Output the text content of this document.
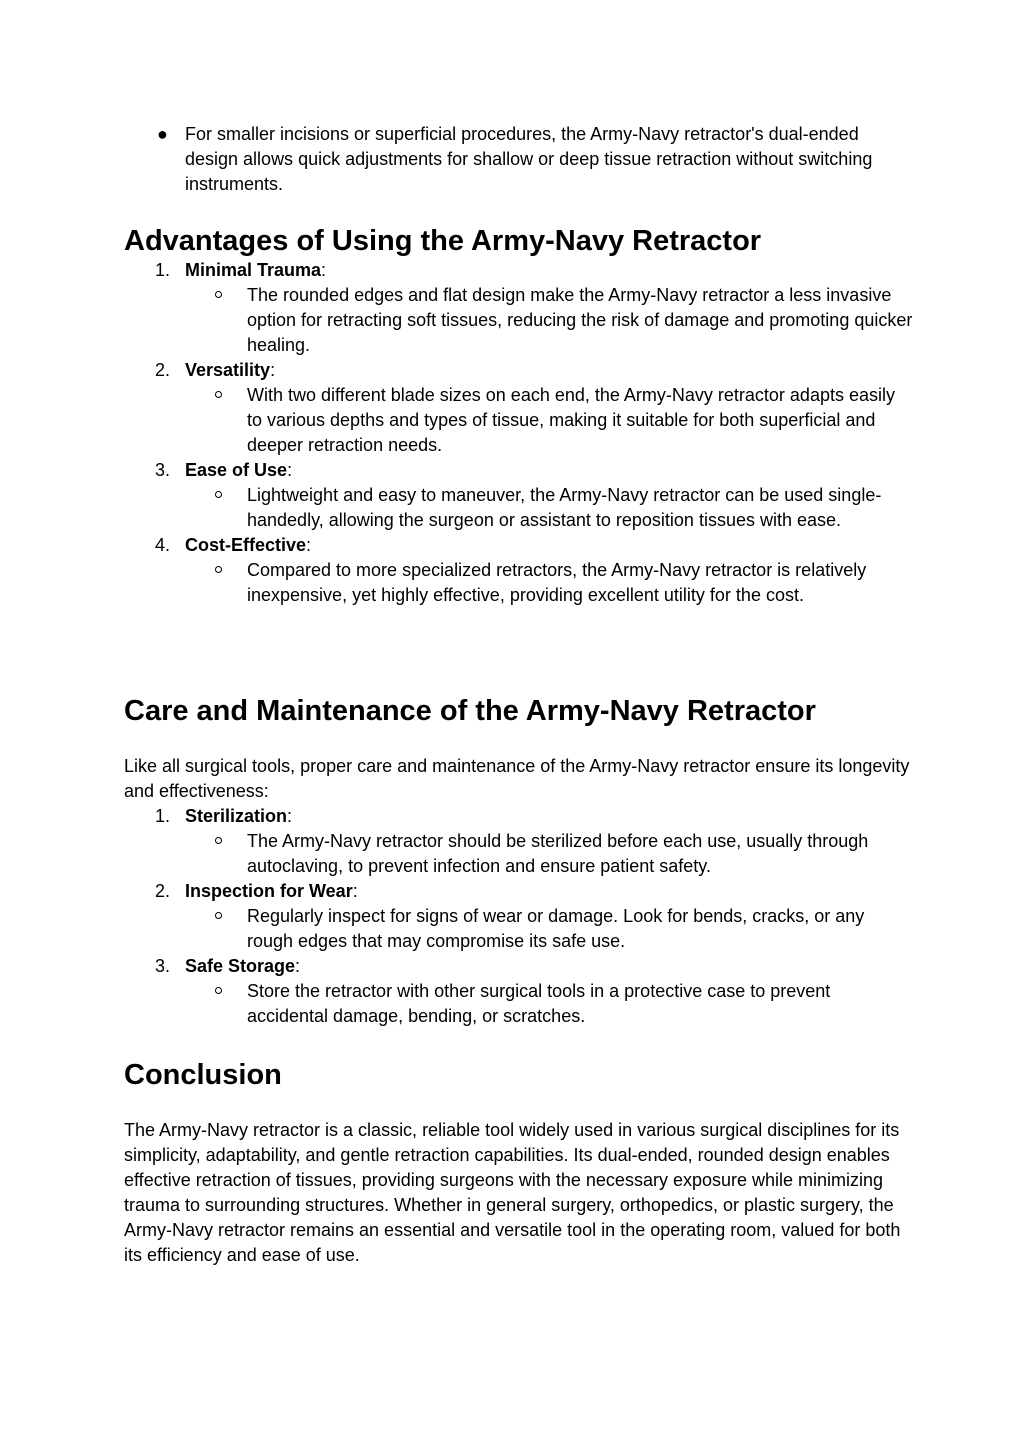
● For smaller incisions or superficial procedures, the Army-Navy retractor's dual-ended design allows quick adjustments for shallow or deep tissue retraction without switching instruments.
Advantages of Using the Army-Navy Retractor
1. Minimal Trauma:
The rounded edges and flat design make the Army-Navy retractor a less invasive option for retracting soft tissues, reducing the risk of damage and promoting quicker healing.
2. Versatility:
With two different blade sizes on each end, the Army-Navy retractor adapts easily to various depths and types of tissue, making it suitable for both superficial and deeper retraction needs.
3. Ease of Use:
Lightweight and easy to maneuver, the Army-Navy retractor can be used single-handedly, allowing the surgeon or assistant to reposition tissues with ease.
4. Cost-Effective:
Compared to more specialized retractors, the Army-Navy retractor is relatively inexpensive, yet highly effective, providing excellent utility for the cost.
Care and Maintenance of the Army-Navy Retractor

Like all surgical tools, proper care and maintenance of the Army-Navy retractor ensure its longevity and effectiveness:

1. Sterilization:
The Army-Navy retractor should be sterilized before each use, usually through autoclaving, to prevent infection and ensure patient safety.
2. Inspection for Wear:
Regularly inspect for signs of wear or damage. Look for bends, cracks, or any rough edges that may compromise its safe use.
3. Safe Storage:
Store the retractor with other surgical tools in a protective case to prevent accidental damage, bending, or scratches.
Conclusion

The Army-Navy retractor is a classic, reliable tool widely used in various surgical disciplines for its simplicity, adaptability, and gentle retraction capabilities. Its dual-ended, rounded design enables effective retraction of tissues, providing surgeons with the necessary exposure while minimizing trauma to surrounding structures. Whether in general surgery, orthopedics, or plastic surgery, the Army-Navy retractor remains an essential and versatile tool in the operating room, valued for both its efficiency and ease of use.
